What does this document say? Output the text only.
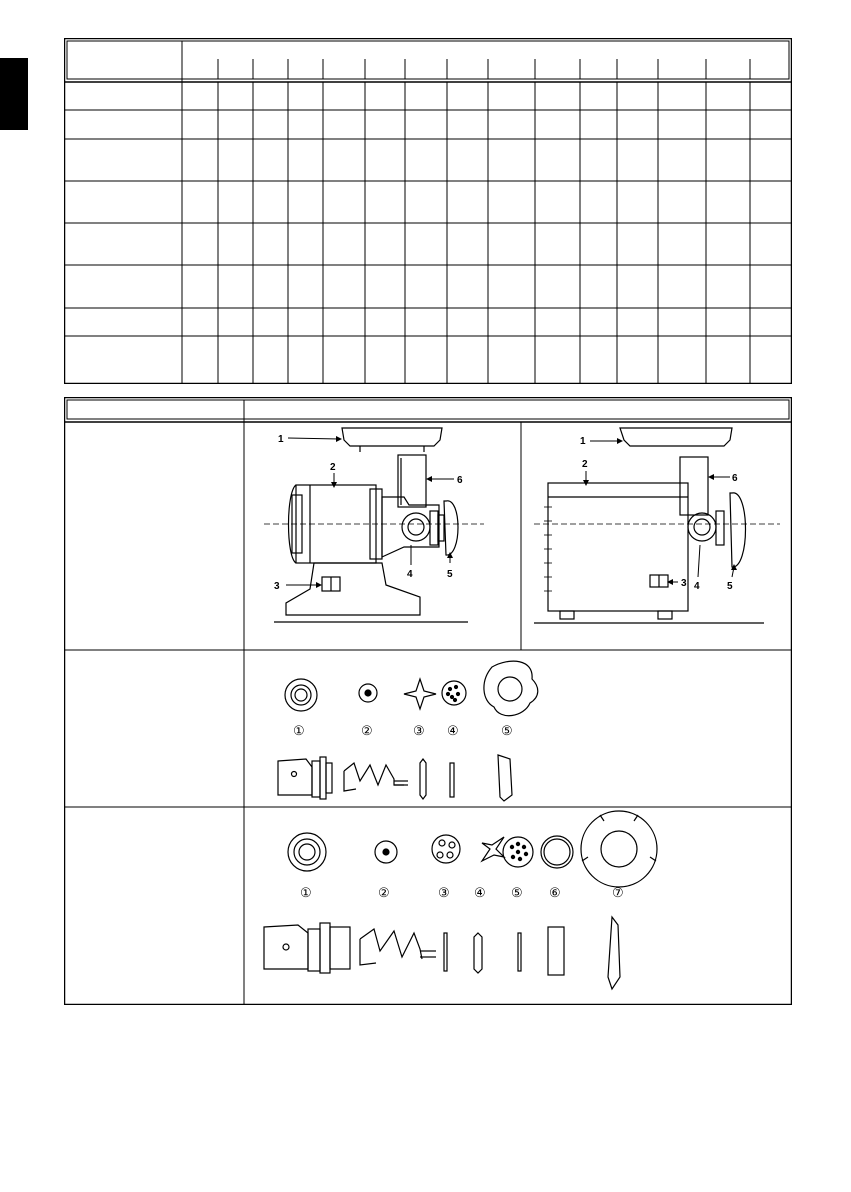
1
2
3
4	5
6
1
2
3 4	5
6
①	②	③ ④	⑤
①	②	③ ④ ⑤ ⑥	⑦
